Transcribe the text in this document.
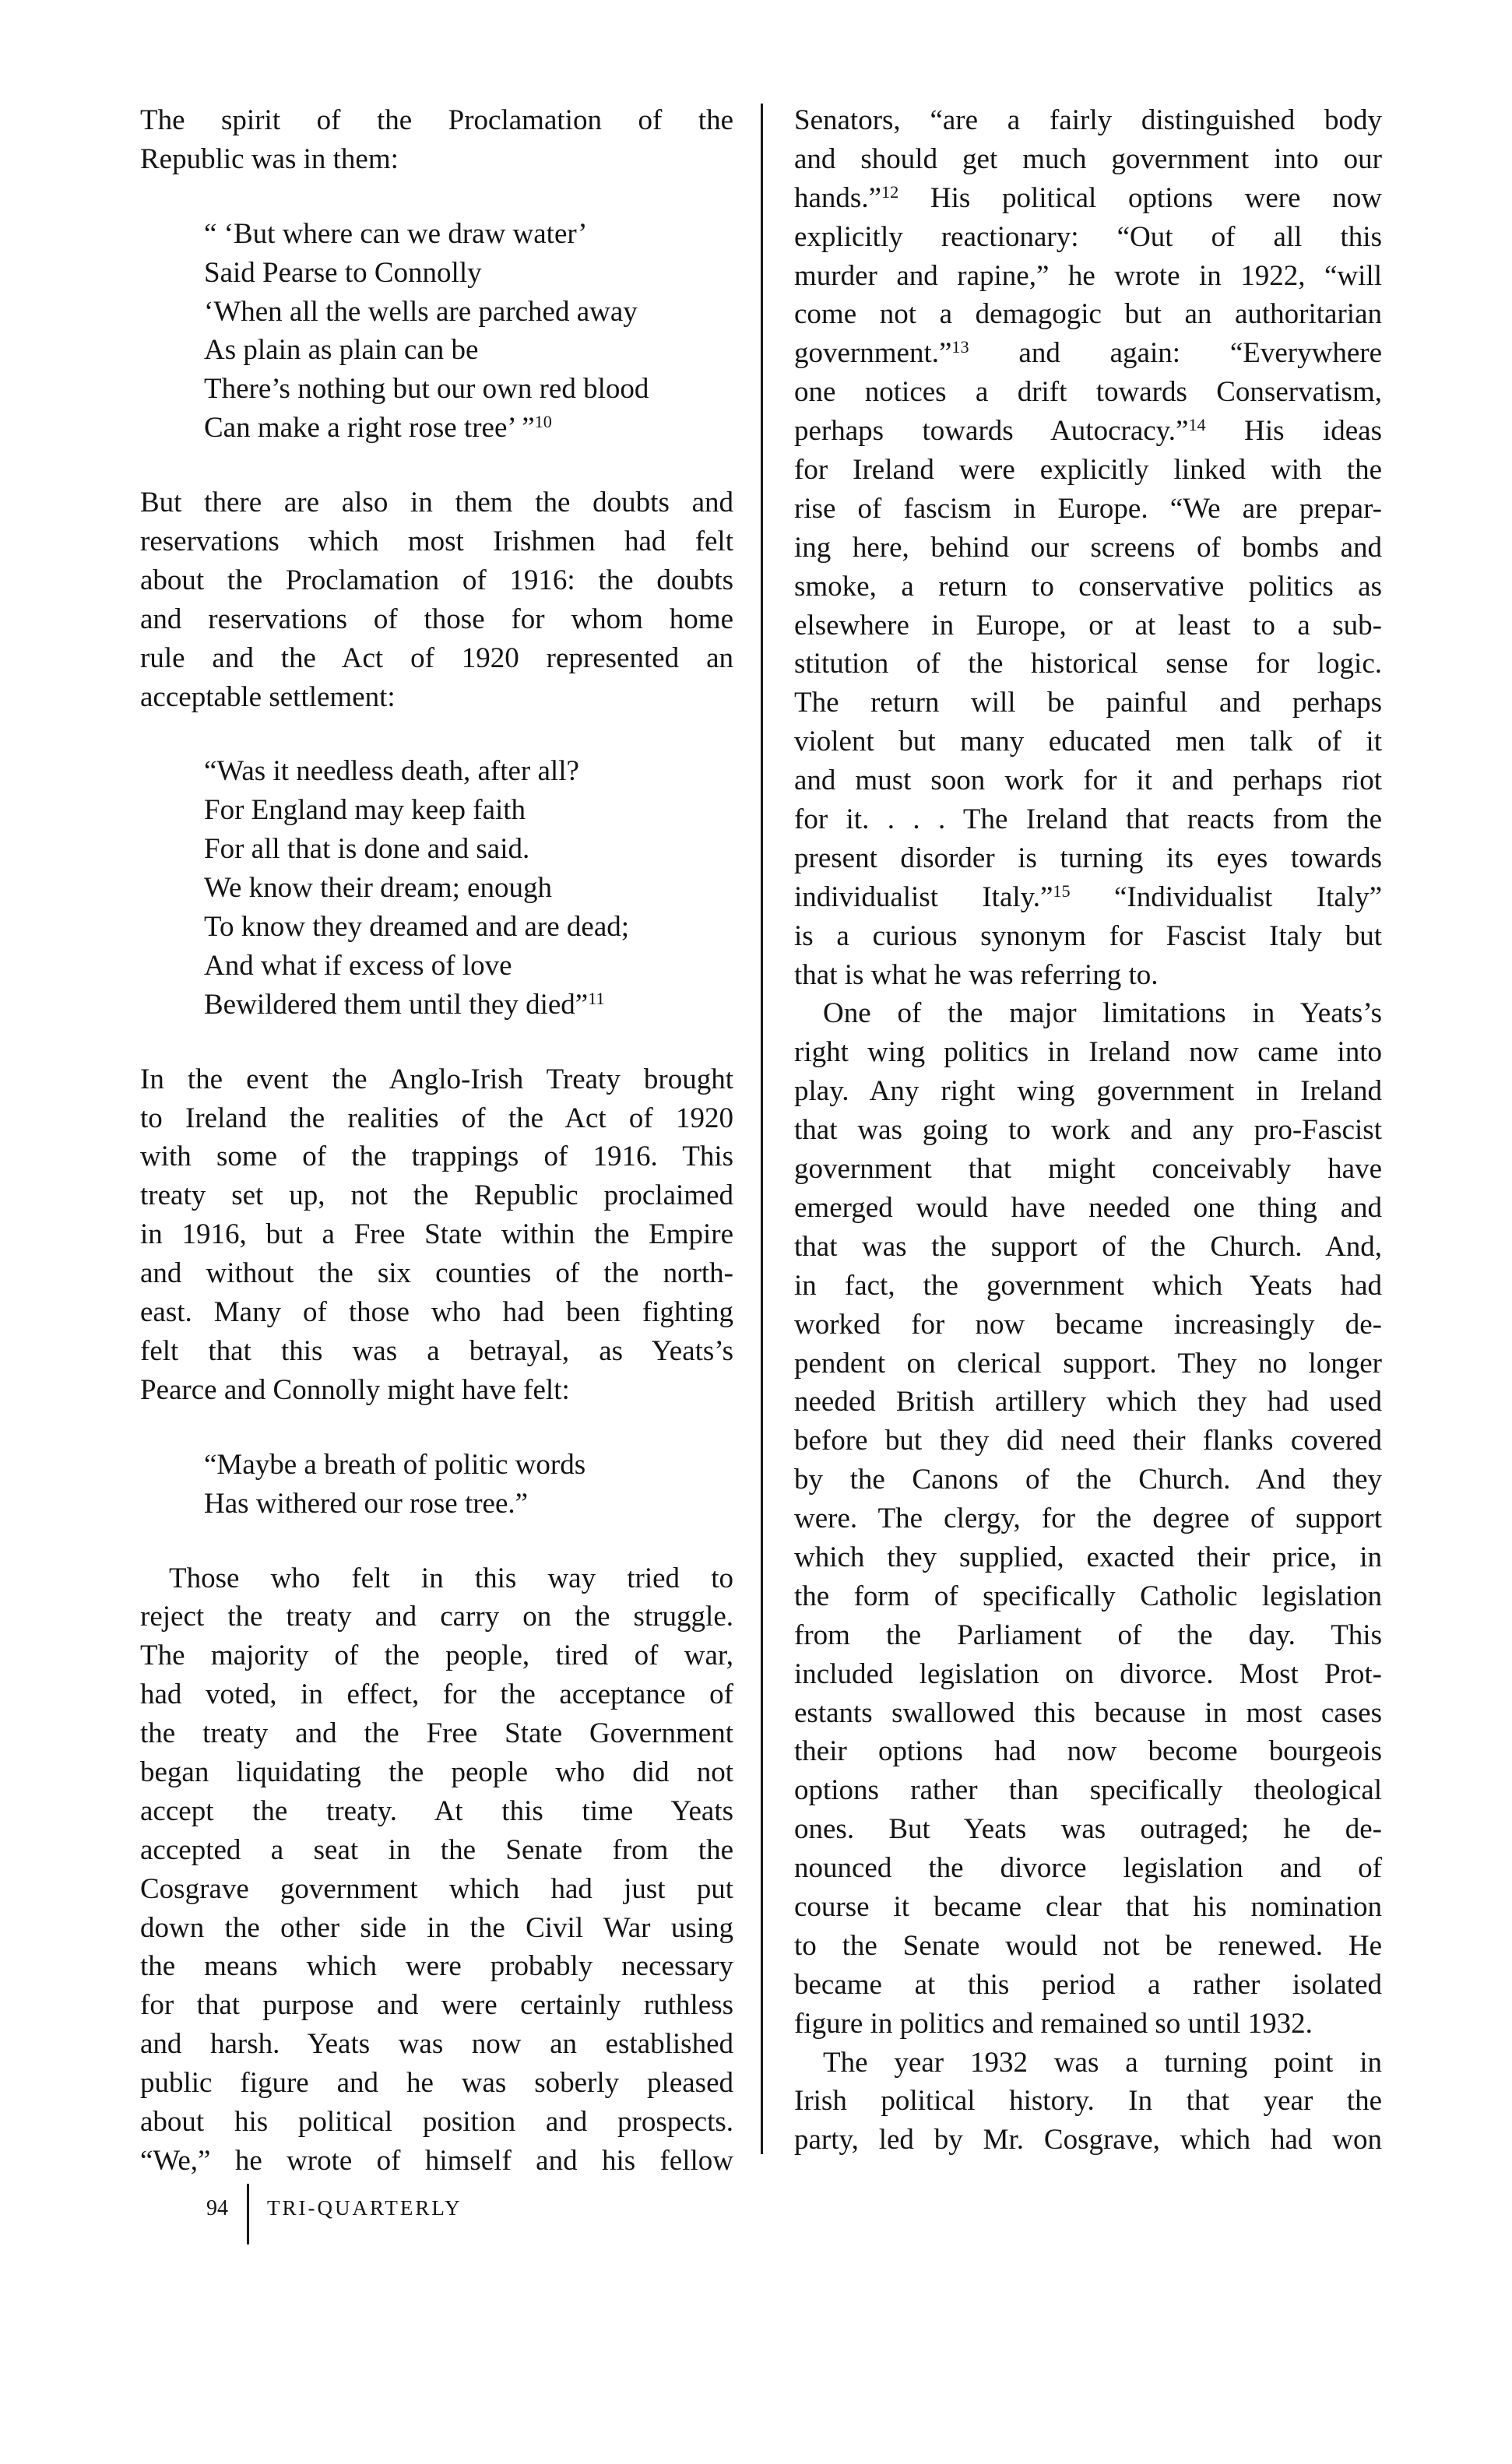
The spirit of the Proclamation of the
Republic was in them:
“ ‘But where can we draw water’
Said Pearse to Connolly
‘When all the wells are parched away
As plain as plain can be
There’s nothing but our own red blood
Can make a right rose tree’ ”$^{10}$
But there are also in them the doubts and
reservations which most Irishmen had felt
about the Proclamation of 1916: the doubts
and reservations of those for whom home
rule and the Act of 1920 represented an
acceptable settlement:
“Was it needless death, after all?
For England may keep faith
For all that is done and said.
We know their dream; enough
To know they dreamed and are dead;
And what if excess of love
Bewildered them until they died”$^{11}$
In the event the Anglo-Irish Treaty brought
to Ireland the realities of the Act of 1920
with some of the trappings of 1916. This
treaty set up, not the Republic proclaimed
in 1916, but a Free State within the Empire
and without the six counties of the north-
east. Many of those who had been fighting
felt that this was a betrayal, as Yeats’s
Pearce and Connolly might have felt:
“Maybe a breath of politic words
Has withered our rose tree.”
Those who felt in this way tried to
reject the treaty and carry on the struggle.
The majority of the people, tired of war,
had voted, in effect, for the acceptance of
the treaty and the Free State Government
began liquidating the people who did not
accept the treaty. At this time Yeats
accepted a seat in the Senate from the
Cosgrave government which had just put
down the other side in the Civil War using
the means which were probably necessary
for that purpose and were certainly ruthless
and harsh. Yeats was now an established
public figure and he was soberly pleased
about his political position and prospects.
“We,” he wrote of himself and his fellow
Senators, “are a fairly distinguished body
and should get much government into our
hands.”$^{12}$ His political options were now
explicitly reactionary: “Out of all this
murder and rapine,” he wrote in 1922, “will
come not a demagogic but an authoritarian
government.”$^{13}$ and again: “Everywhere
one notices a drift towards Conservatism,
perhaps towards Autocracy.”$^{14}$ His ideas
for Ireland were explicitly linked with the
rise of fascism in Europe. “We are prepar-
ing here, behind our screens of bombs and
smoke, a return to conservative politics as
elsewhere in Europe, or at least to a sub-
stitution of the historical sense for logic.
The return will be painful and perhaps
violent but many educated men talk of it
and must soon work for it and perhaps riot
for it. . . . The Ireland that reacts from the
present disorder is turning its eyes towards
individualist Italy.”$^{15}$ “Individualist Italy”
is a curious synonym for Fascist Italy but
that is what he was referring to.
One of the major limitations in Yeats’s
right wing politics in Ireland now came into
play. Any right wing government in Ireland
that was going to work and any pro-Fascist
government that might conceivably have
emerged would have needed one thing and
that was the support of the Church. And,
in fact, the government which Yeats had
worked for now became increasingly de-
pendent on clerical support. They no longer
needed British artillery which they had used
before but they did need their flanks covered
by the Canons of the Church. And they
were. The clergy, for the degree of support
which they supplied, exacted their price, in
the form of specifically Catholic legislation
from the Parliament of the day. This
included legislation on divorce. Most Prot-
estants swallowed this because in most cases
their options had now become bourgeois
options rather than specifically theological
ones. But Yeats was outraged; he de-
nounced the divorce legislation and of
course it became clear that his nomination
to the Senate would not be renewed. He
became at this period a rather isolated
figure in politics and remained so until 1932.
The year 1932 was a turning point in
Irish political history. In that year the
party, led by Mr. Cosgrave, which had won
94 TRI-QUARTERLY
